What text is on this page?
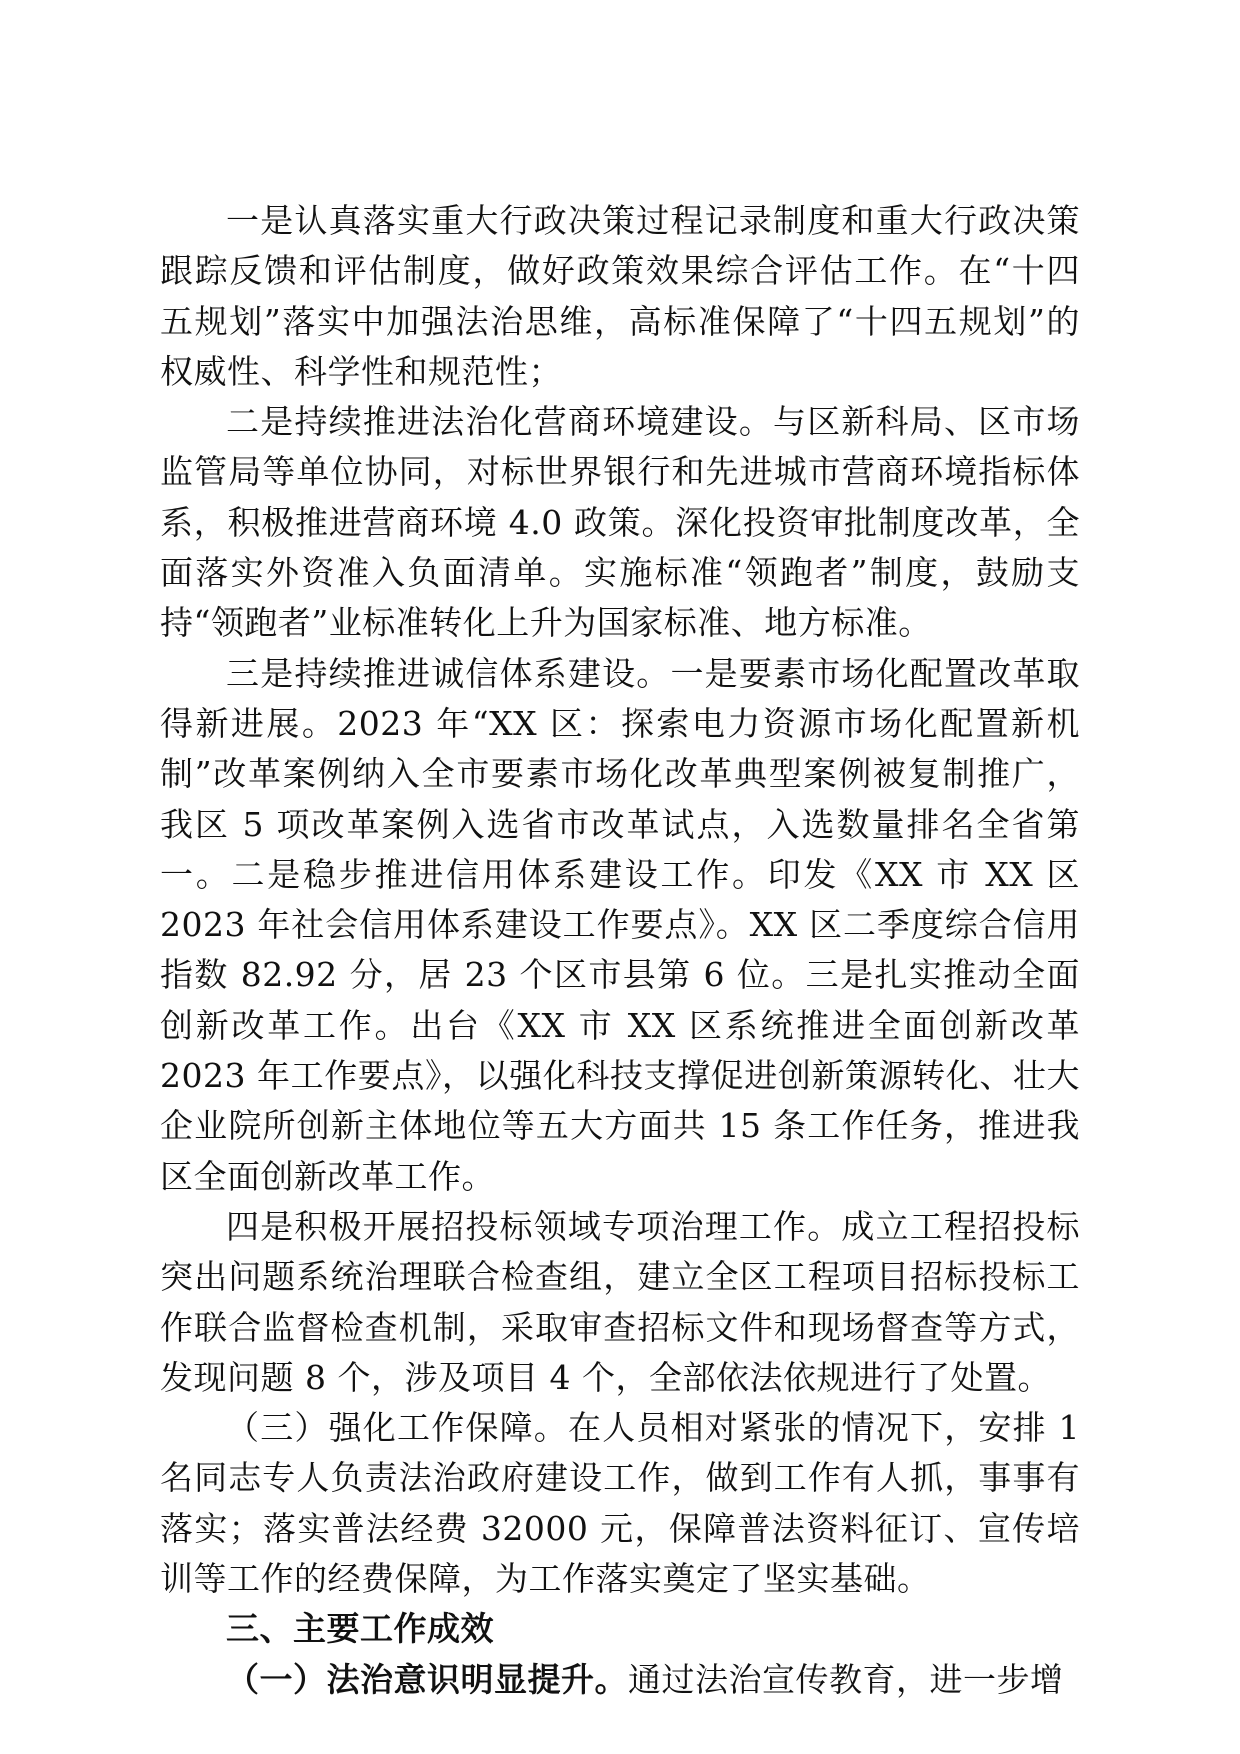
一是认真落实重大行政决策过程记录制度和重大行政决策跟踪反馈和评估制度，做好政策效果综合评估工作。在“十四五规划”落实中加强法治思维，高标准保障了“十四五规划”的权威性、科学性和规范性；

二是持续推进法治化营商环境建设。与区新科局、区市场监管局等单位协同，对标世界银行和先进城市营商环境指标体系，积极推进营商环境 4.0 政策。深化投资审批制度改革，全面落实外资准入负面清单。实施标准“领跑者”制度，鼓励支持“领跑者”业标准转化上升为国家标准、地方标准。

三是持续推进诚信体系建设。一是要素市场化配置改革取得新进展。2023 年“XX 区：探索电力资源市场化配置新机制”改革案例纳入全市要素市场化改革典型案例被复制推广，我区 5 项改革案例入选省市改革试点，入选数量排名全省第一。二是稳步推进信用体系建设工作。印发《XX 市 XX 区 2023 年社会信用体系建设工作要点》。XX 区二季度综合信用指数 82.92 分，居 23 个区市县第 6 位。三是扎实推动全面创新改革工作。出台《XX 市 XX 区系统推进全面创新改革 2023 年工作要点》，以强化科技支撑促进创新策源转化、壮大企业院所创新主体地位等五大方面共 15 条工作任务，推进我区全面创新改革工作。

四是积极开展招投标领域专项治理工作。成立工程招投标突出问题系统治理联合检查组，建立全区工程项目招标投标工作联合监督检查机制，采取审查招标文件和现场督查等方式，发现问题 8 个，涉及项目 4 个，全部依法依规进行了处置。

（三）强化工作保障。在人员相对紧张的情况下，安排 1 名同志专人负责法治政府建设工作，做到工作有人抓，事事有落实；落实普法经费 32000 元，保障普法资料征订、宣传培训等工作的经费保障，为工作落实奠定了坚实基础。

三、主要工作成效

（一）法治意识明显提升。通过法治宣传教育，进一步增
